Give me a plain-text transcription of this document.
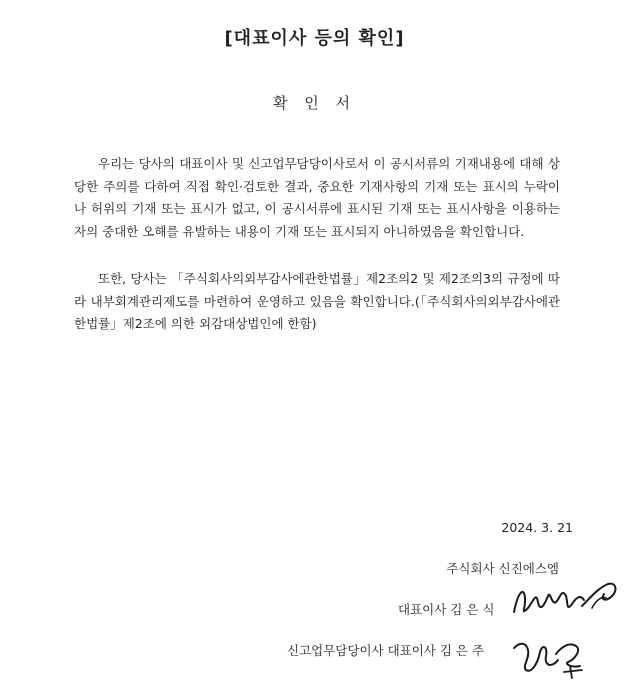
[대표이사 등의 확인]
확 인 서

우리는 당사의 대표이사 및 신고업무담당이사로서 이 공시서류의 기재내용에 대해 상당한 주의를 다하여 직접 확인·검토한 결과, 중요한 기재사항의 기재 또는 표시의 누락이나 허위의 기재 또는 표시가 없고, 이 공시서류에 표시된 기재 또는 표시사항을 이용하는 자의 중대한 오해를 유발하는 내용이 기재 또는 표시되지 아니하였음을 확인합니다.

또한, 당사는 「주식회사의외부감사에관한법률」제2조의2 및 제2조의3의 규정에 따라 내부회계관리제도를 마련하여 운영하고 있음을 확인합니다.(「주식회사의외부감사에관한법률」제2조에 의한 외감대상법인에 한함)

2024. 3. 21
주식회사 신진에스엠
대표이사 김 은 식
신고업무담당이사 대표이사 김 은 주
